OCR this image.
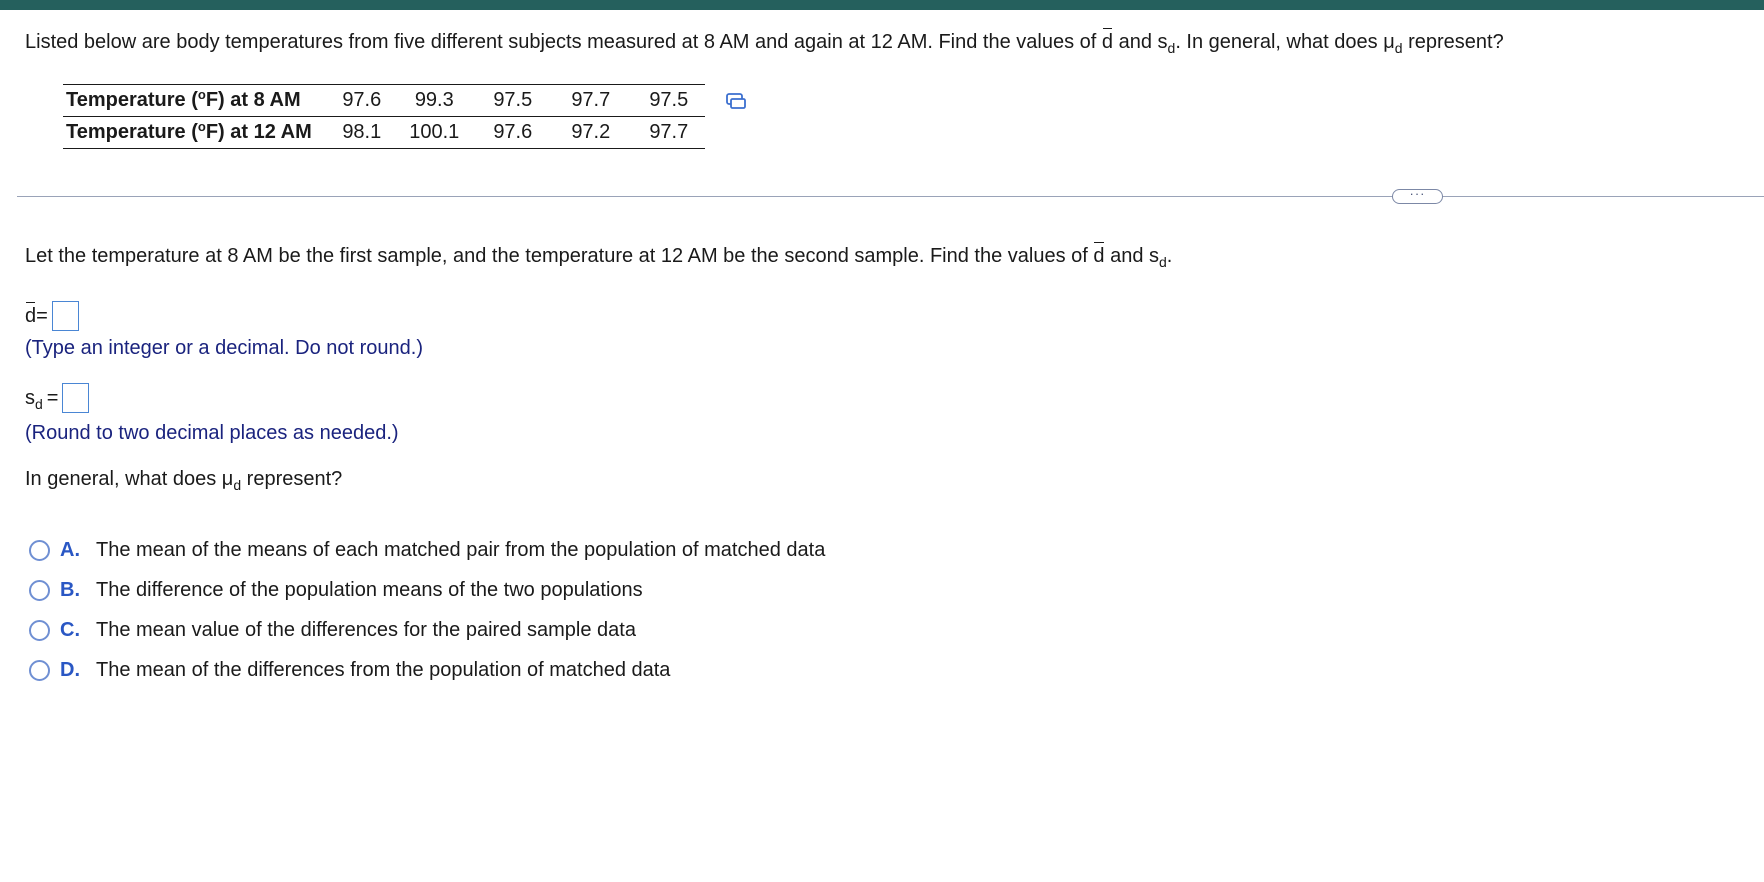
Listed below are body temperatures from five different subjects measured at 8 AM and again at 12 AM. Find the values of d and $s_d$. In general, what does $\mu_d$ represent?
Temperature ($^o$F) at 8 AM	97.6	99.3	97.5	97.7	97.5
Temperature ($^o$F) at 12 AM	98.1	100.1	97.6	97.2	97.7
···
Let the temperature at 8 AM be the first sample, and the temperature at 12 AM be the second sample. Find the values of d and $s_d$.
d =
(Type an integer or a decimal. Do not round.)
$s_d$ =
(Round to two decimal places as needed.)
In general, what does $\mu_d$ represent?
A. The mean of the means of each matched pair from the population of matched data
B. The difference of the population means of the two populations
C. The mean value of the differences for the paired sample data
D. The mean of the differences from the population of matched data
